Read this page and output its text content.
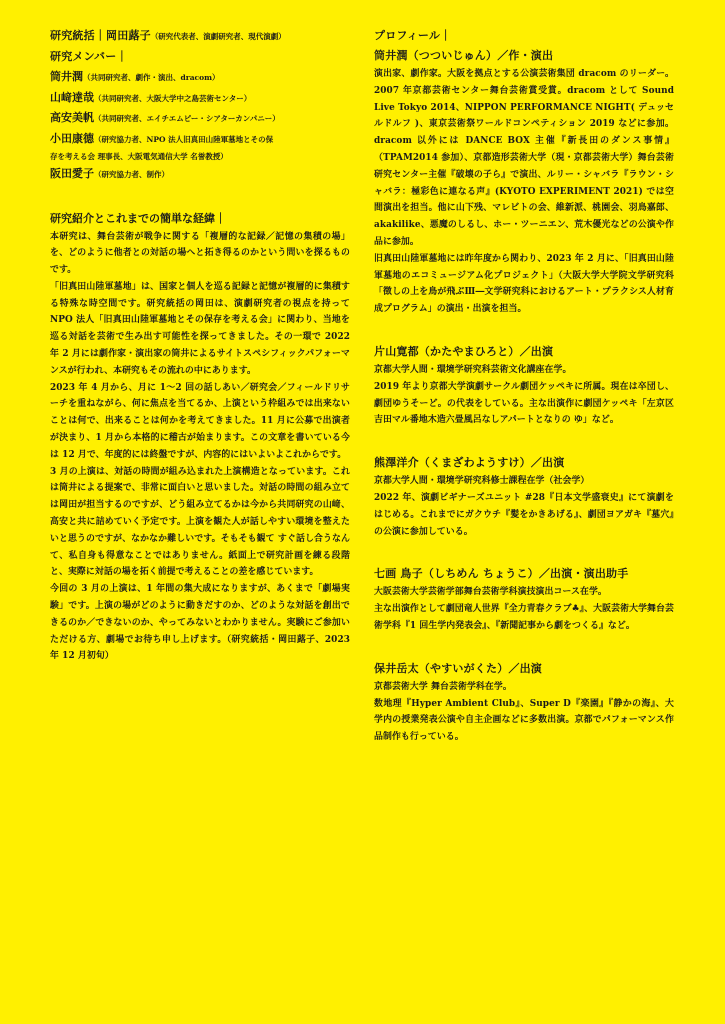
研究統括｜岡田蕗子（研究代表者、演劇研究者、現代演劇）
研究メンバー｜
筒井潤（共同研究者、劇作・演出、dracom）
山﨑達哉（共同研究者、大阪大学中之島芸術センター）
高安美帆（共同研究者、エイチエムピー・シアターカンパニー）
小田康德（研究協力者、NPO 法人旧真田山陸軍墓地とその保
存を考える会 理事長、大阪電気通信大学 名誉教授）
阪田愛子（研究協力者、制作）
研究紹介とこれまでの簡単な経緯｜
本研究は、舞台芸術が戦争に関する「複層的な記録／記憶の集積の場」を、どのように他者との対話の場へと拓き得るのかという問いを探るものです。
「旧真田山陸軍墓地」は、国家と個人を巡る記録と記憶が複層的に集積する特殊な時空間です。研究統括の岡田は、演劇研究者の視点を持って NPO 法人「旧真田山陸軍墓地とその保存を考える会」に関わり、当地を巡る対話を芸術で生み出す可能性を探ってきました。その一環で 2022 年 2 月には劇作家・演出家の筒井によるサイトスペシフィックパフォーマンスが行われ、本研究もその流れの中にあります。
2023 年 4 月から、月に 1〜2 回の話しあい／研究会／フィールドリサーチを重ねながら、何に焦点を当てるか、上演という枠組みでは出来ないことは何で、出来ることは何かを考えてきました。11 月に公募で出演者が決まり、1 月から本格的に稽古が始まります。この文章を書いている今は 12 月で、年度的には終盤ですが、内容的にはいよいよこれからです。
3 月の上演は、対話の時間が組み込まれた上演構造となっています。これは筒井による提案で、非常に面白いと思いました。対話の時間の組み立ては岡田が担当するのですが、どう組み立てるかは今から共同研究の山﨑、高安と共に詰めていく予定です。上演を観た人が話しやすい環境を整えたいと思うのですが、なかなか難しいです。そもそも観て すぐ話し合うなんて、私自身も得意なことではありません。紙面上で研究計画を練る段階と、実際に対話の場を拓く前提で考えることの差を感じています。
今回の 3 月の上演は、1 年間の集大成になりますが、あくまで「劇場実験」です。上演の場がどのように動きだすのか、どのような対話を創出できるのか／できないのか、やってみないとわかりません。実験にご参加いただける方、劇場でお待ち申し上げます。（研究統括・岡田蕗子、2023 年 12 月初旬）
プロフィール｜
筒井潤（つついじゅん）／作・演出
演出家、劇作家。大阪を拠点とする公演芸術集団 dracom のリーダー。2007 年京都芸術センター舞台芸術賞受賞。dracom として Sound Live Tokyo 2014、NIPPON PERFORMANCE NIGHT( デュッセルドルフ )、東京芸術祭ワールドコンペティション 2019 などに参加。dracom 以外には DANCE BOX 主催『新長田のダンス事情』（TPAM2014 参加）、京都造形芸術大学（現・京都芸術大学）舞台芸術研究センター主催『破壊の子ら』で演出、ルリー・シャバラ『ラウン・シャバラ：極彩色に連なる声』(KYOTO EXPERIMENT 2021) では空間演出を担当。他に山下残、マレビトの会、維新派、桃園会、羽鳥嘉郎、akakilike、悪魔のしるし、ホー・ツーニエン、荒木優光などの公演や作品に参加。
旧真田山陸軍墓地には昨年度から関わり、2023 年 2 月に、「旧真田山陸軍墓地のエコミュージアム化プロジェクト」（大阪大学大学院文学研究科「徴しの上を鳥が飛ぶⅢ―文学研究科におけるアート・プラクシス人材育成プログラム」の演出・出演を担当。
片山寛都（かたやまひろと）／出演
京都大学人間・環境学研究科芸術文化講座在学。
2019 年より京都大学演劇サークル劇団ケッペキに所属。現在は卒団し、劇団ゆうそーど。の代表をしている。主な出演作に劇団ケッペキ「左京区吉田マル番地木造六畳風呂なしアパートとなりの ゆ」など。
熊澤洋介（くまざわようすけ）／出演
京都大学人間・環境学研究科修士課程在学（社会学）
2022 年、演劇ビギナーズユニット #28『日本文学盛衰史』にて演劇をはじめる。これまでにガクウチ『髪をかきあげる』、劇団ヨアガキ『墓穴』の公演に参加している。
七画 鳥子（しちめん ちょうこ）／出演・演出助手
大阪芸術大学芸術学部舞台芸術学科演技演出コース在学。
主な出演作として劇団竜人世界『全力青春クラブ♣』、大阪芸術大学舞台芸術学科『1 回生学内発表会』、『新聞記事から劇をつくる』など。
保井岳太（やすいがくた）／出演
京都芸術大学 舞台芸術学科在学。
数地理『Hyper Ambient Club』、Super D『楽園』『静かの海』、大学内の授業発表公演や自主企画などに多数出演。京都でパフォーマンス作品制作も行っている。
